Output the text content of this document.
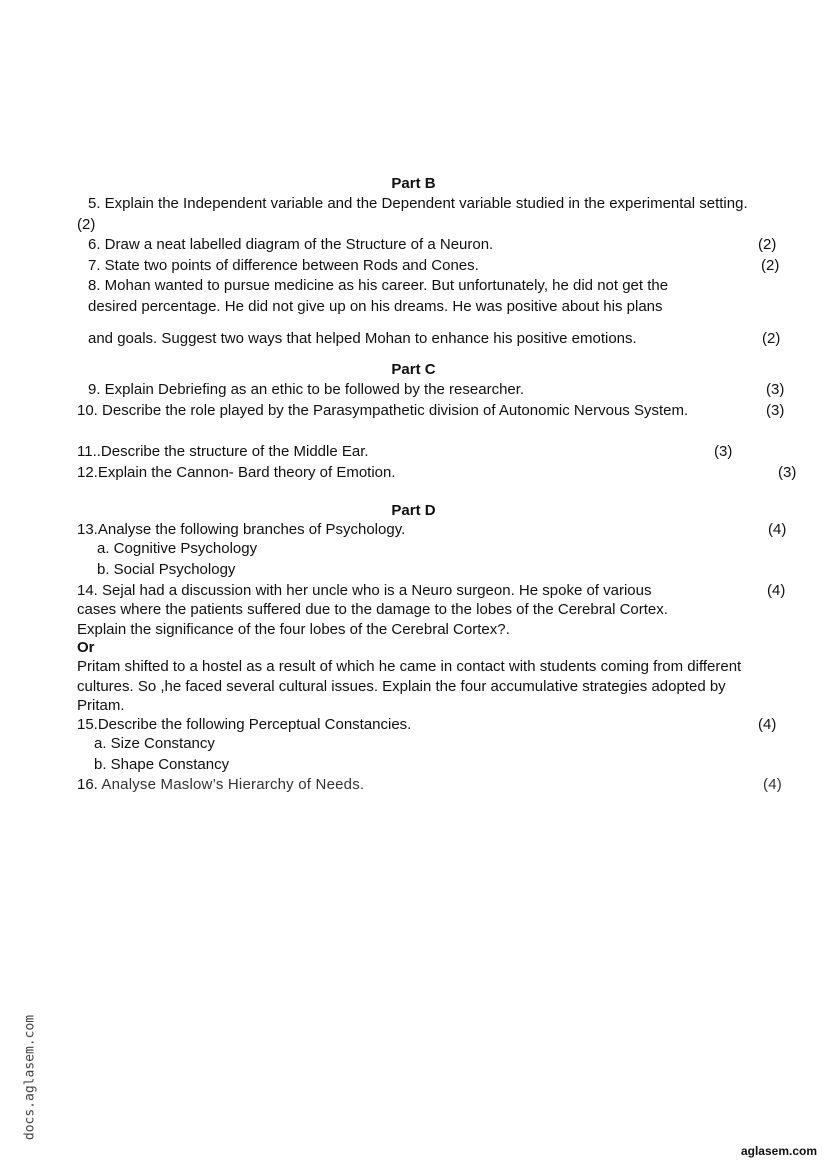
Part B
5. Explain the Independent variable and the Dependent variable studied in the experimental setting.
(2)
6. Draw a neat labelled diagram of the Structure of a Neuron.	(2)
7. State two points of difference between Rods and Cones.	(2)
8. Mohan wanted to pursue medicine as his career. But unfortunately, he did not get the
desired percentage. He did not give up on his dreams. He was positive about his plans
and goals. Suggest two ways that helped Mohan to enhance his positive emotions.	(2)
Part C
9. Explain Debriefing as an ethic to be followed by the researcher.	(3)
10. Describe the role played by the Parasympathetic division of Autonomic Nervous System.	(3)
11..Describe the structure of the Middle Ear.	(3)
12.Explain the Cannon- Bard theory of Emotion.	(3)
Part D
13.Analyse the following branches of Psychology.	(4)
a. Cognitive Psychology
b. Social Psychology
14. Sejal had a discussion with her uncle who is a Neuro surgeon. He spoke of various	(4)
cases where the patients suffered due to the damage to the lobes of the Cerebral Cortex.
Explain the significance of the four lobes of the Cerebral Cortex?.
Or
Pritam shifted to a hostel as a result of which he came in contact with students coming from different
cultures. So ,he faced several cultural issues. Explain the four accumulative strategies adopted by
Pritam.
15.Describe the following Perceptual Constancies.	(4)
a. Size Constancy
b. Shape Constancy
16. Analyse Maslow’s Hierarchy of Needs.	(4)
docs.aglasem.com
aglasem.com
